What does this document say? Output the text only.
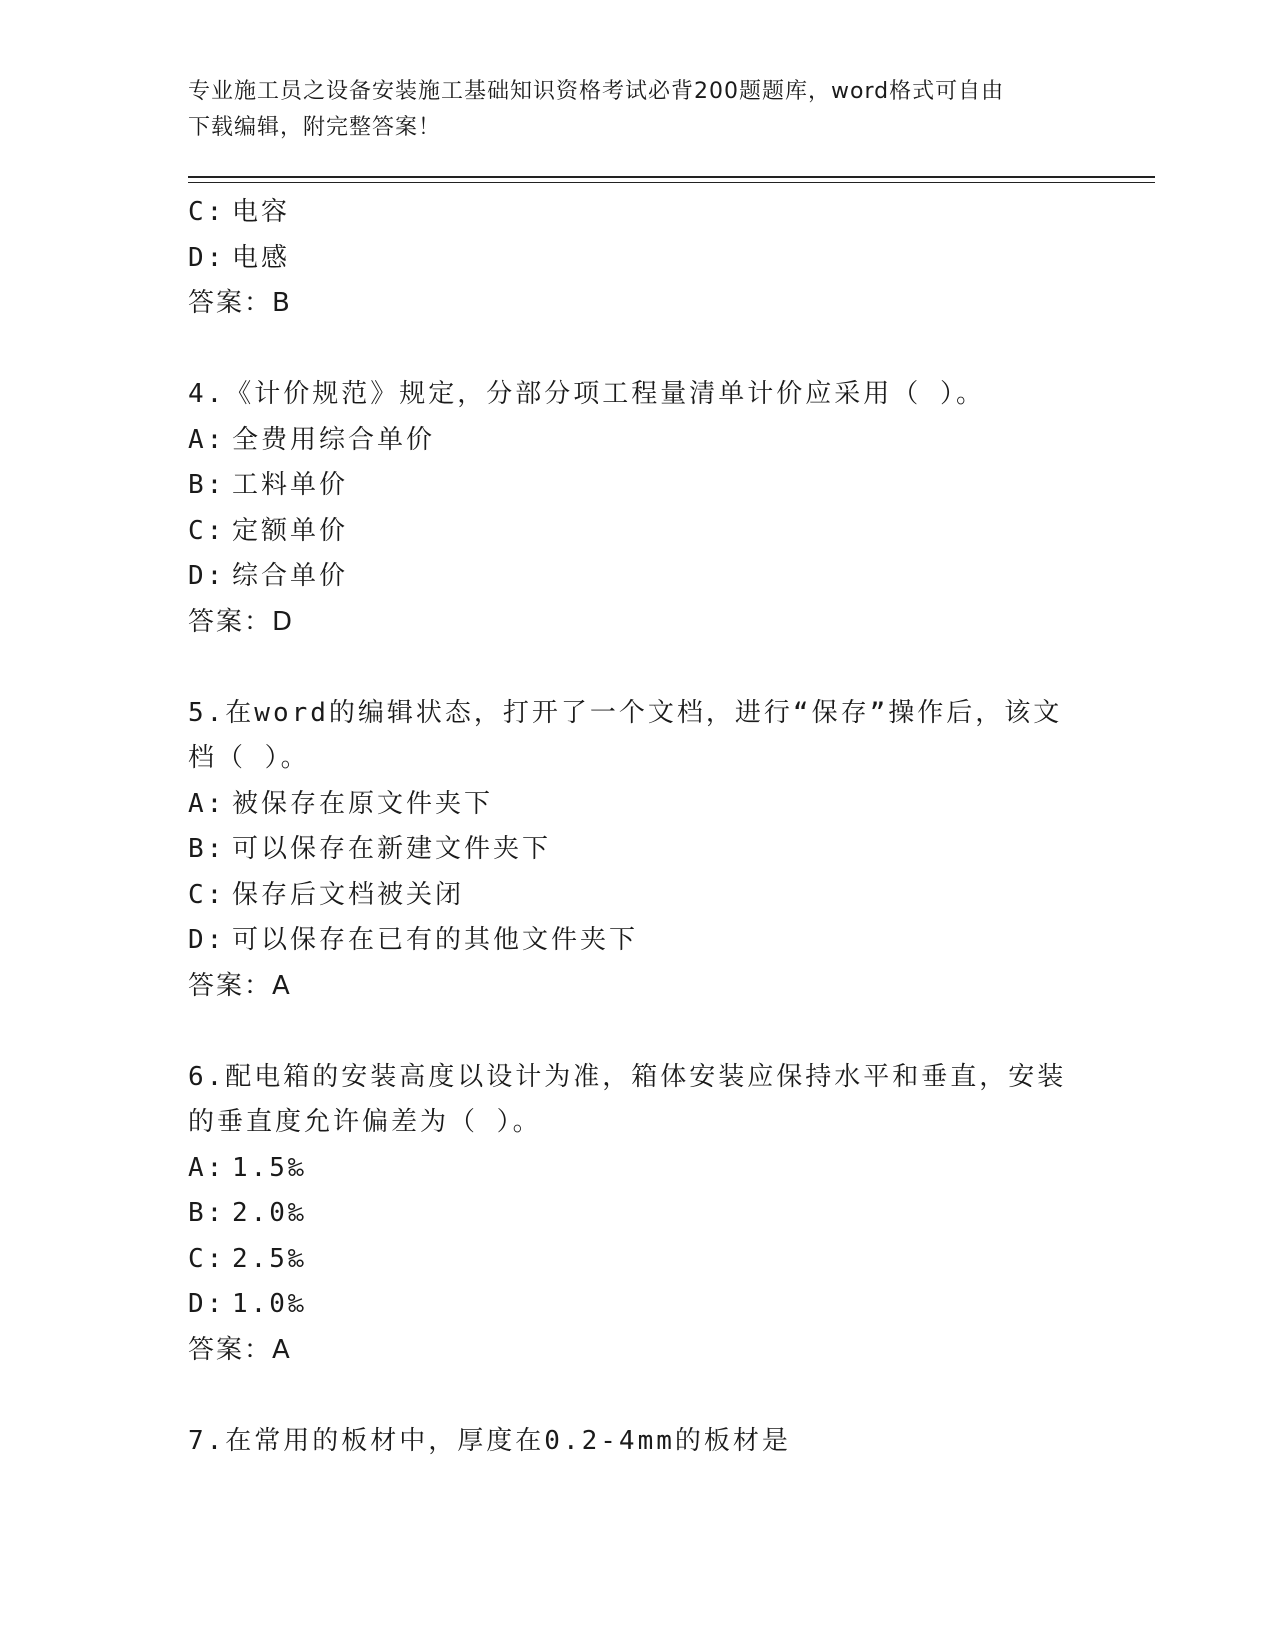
专业施工员之设备安装施工基础知识资格考试必背200题题库，word格式可自由
下载编辑，附完整答案！
C: 电容
D: 电感
答案：B
4.《计价规范》规定，分部分项工程量清单计价应采用（ ）。
A: 全费用综合单价
B: 工料单价
C: 定额单价
D: 综合单价
答案：D
5.在word的编辑状态，打开了一个文档，进行“保存”操作后，该文
档（ ）。
A: 被保存在原文件夹下
B: 可以保存在新建文件夹下
C: 保存后文档被关闭
D: 可以保存在已有的其他文件夹下
答案：A
6.配电箱的安装高度以设计为准，箱体安装应保持水平和垂直，安装
的垂直度允许偏差为（ ）。
A: 1.5‰
B: 2.0‰
C: 2.5‰
D: 1.0‰
答案：A
7.在常用的板材中，厚度在0.2-4mm的板材是
